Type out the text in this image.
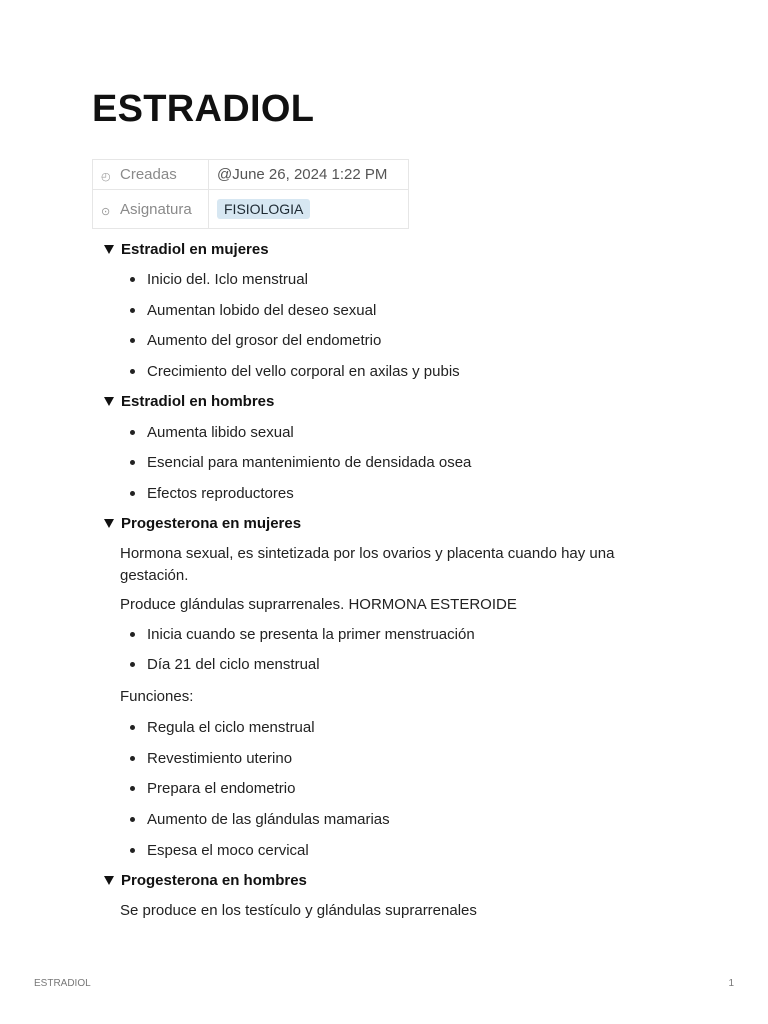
ESTRADIOL
◴ Creadas	@June 26, 2024 1:22 PM
⊙ Asignatura	FISIOLOGIA
Estradiol en mujeres
Inicio del. Iclo menstrual
Aumentan lobido del deseo sexual
Aumento del grosor del endometrio
Crecimiento del vello corporal en axilas y pubis
Estradiol en hombres
Aumenta libido sexual
Esencial para mantenimiento de densidada osea
Efectos reproductores
Progesterona en mujeres

Hormona sexual, es sintetizada por los ovarios y placenta cuando hay una gestación.

Produce glándulas suprarrenales. HORMONA ESTEROIDE

Inicia cuando se presenta la primer menstruación
Día 21 del ciclo menstrual

Funciones:

Regula el ciclo menstrual
Revestimiento uterino
Prepara el endometrio
Aumento de las glándulas mamarias
Espesa el moco cervical
Progesterona en hombres

Se produce en los testículo y glándulas suprarrenales

ESTRADIOL	1
